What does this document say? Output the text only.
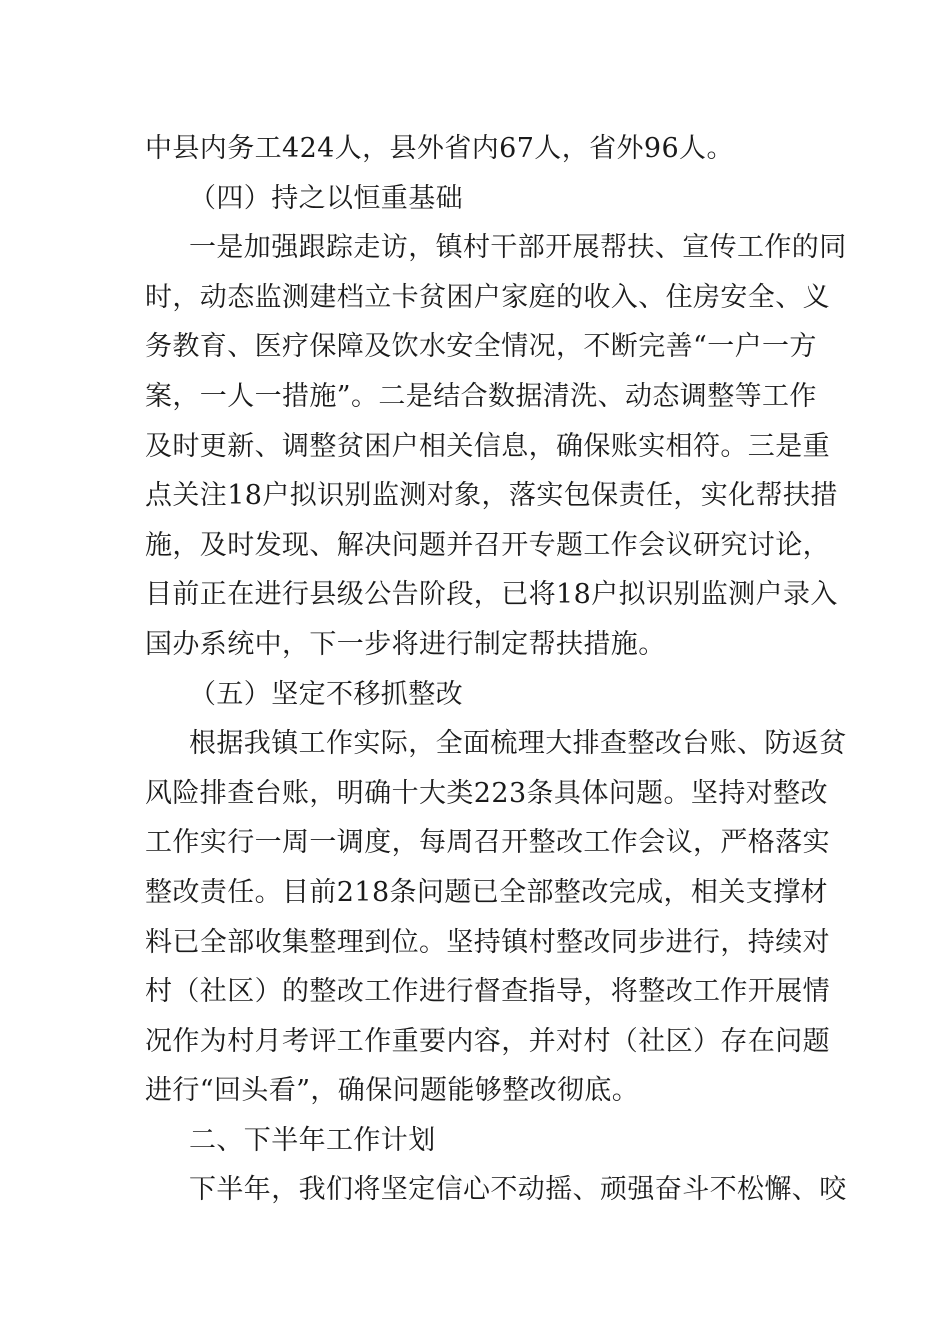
中县内务工424人，县外省内67人，省外96人。
（四）持之以恒重基础
一是加强跟踪走访，镇村干部开展帮扶、宣传工作的同
时，动态监测建档立卡贫困户家庭的收入、住房安全、义
务教育、医疗保障及饮水安全情况，不断完善“一户一方
案，一人一措施”。二是结合数据清洗、动态调整等工作
及时更新、调整贫困户相关信息，确保账实相符。三是重
点关注18户拟识别监测对象，落实包保责任，实化帮扶措
施，及时发现、解决问题并召开专题工作会议研究讨论，
目前正在进行县级公告阶段，已将18户拟识别监测户录入
国办系统中，下一步将进行制定帮扶措施。
（五）坚定不移抓整改
根据我镇工作实际，全面梳理大排查整改台账、防返贫
风险排查台账，明确十大类223条具体问题。坚持对整改
工作实行一周一调度，每周召开整改工作会议，严格落实
整改责任。目前218条问题已全部整改完成，相关支撑材
料已全部收集整理到位。坚持镇村整改同步进行，持续对
村（社区）的整改工作进行督查指导，将整改工作开展情
况作为村月考评工作重要内容，并对村（社区）存在问题
进行“回头看”，确保问题能够整改彻底。
二、下半年工作计划
下半年，我们将坚定信心不动摇、顽强奋斗不松懈、咬
